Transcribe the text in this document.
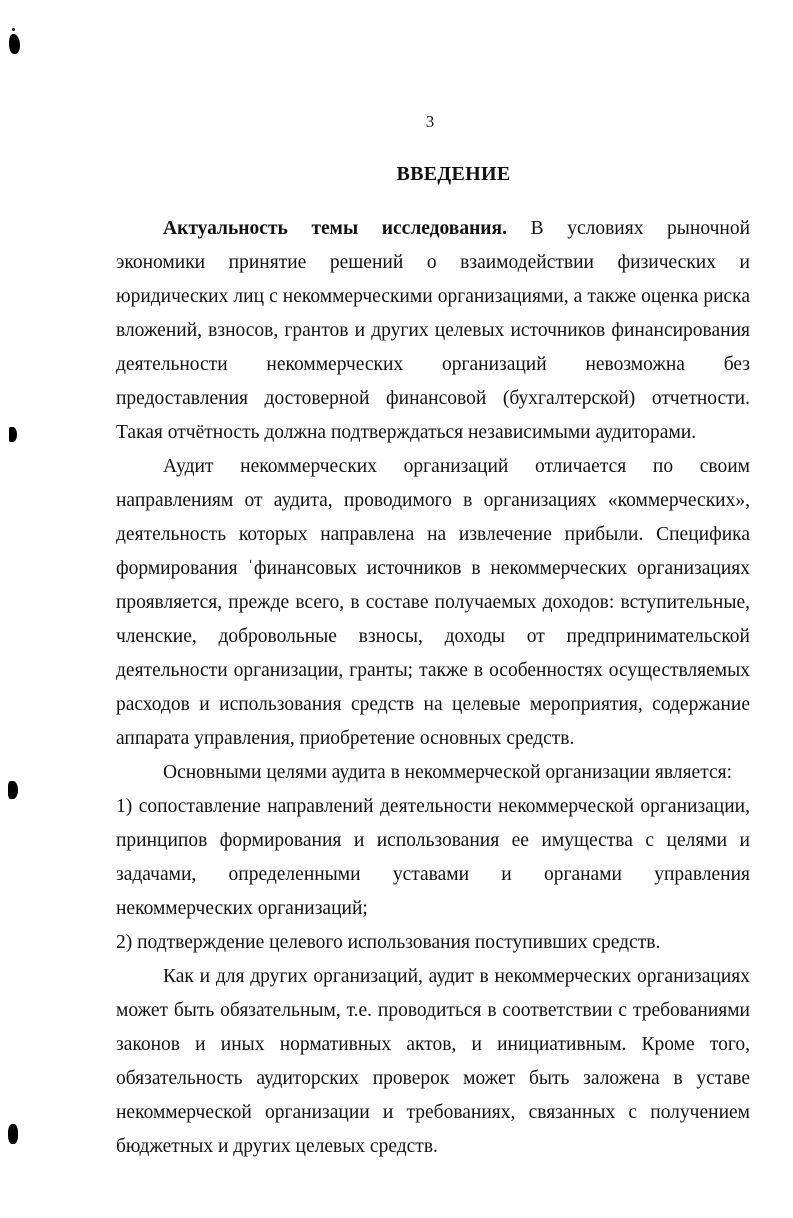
3
ВВЕДЕНИЕ

Актуальность темы исследования. В условиях рыночной экономики принятие решений о взаимодействии физических и юридических лиц с некоммерческими организациями, а также оценка риска вложений, взносов, грантов и других целевых источников финансирования деятельности некоммерческих организаций невозможна без предоставления достоверной финансовой (бухгалтерской) отчетности. Такая отчётность должна подтверждаться независимыми аудиторами.

Аудит некоммерческих организаций отличается по своим направлениям от аудита, проводимого в организациях «коммерческих», деятельность которых направлена на извлечение прибыли. Специфика формирования ˈфинансовых источников в некоммерческих организациях проявляется, прежде всего, в составе получаемых доходов: вступительные, членские, добровольные взносы, доходы от предпринимательской деятельности организации, гранты; также в особенностях осуществляемых расходов и использования средств на целевые мероприятия, содержание аппарата управления, приобретение основных средств.

Основными целями аудита в некоммерческой организации является:

1) сопоставление направлений деятельности некоммерческой организации, принципов формирования и использования ее имущества с целями и задачами, определенными уставами и органами управления некоммерческих организаций;

2) подтверждение целевого использования поступивших средств.

Как и для других организаций, аудит в некоммерческих организациях может быть обязательным, т.е. проводиться в соответствии с требованиями законов и иных нормативных актов, и инициативным. Кроме того, обязательность аудиторских проверок может быть заложена в уставе некоммерческой организации и требованиях, связанных с получением бюджетных и других целевых средств.
